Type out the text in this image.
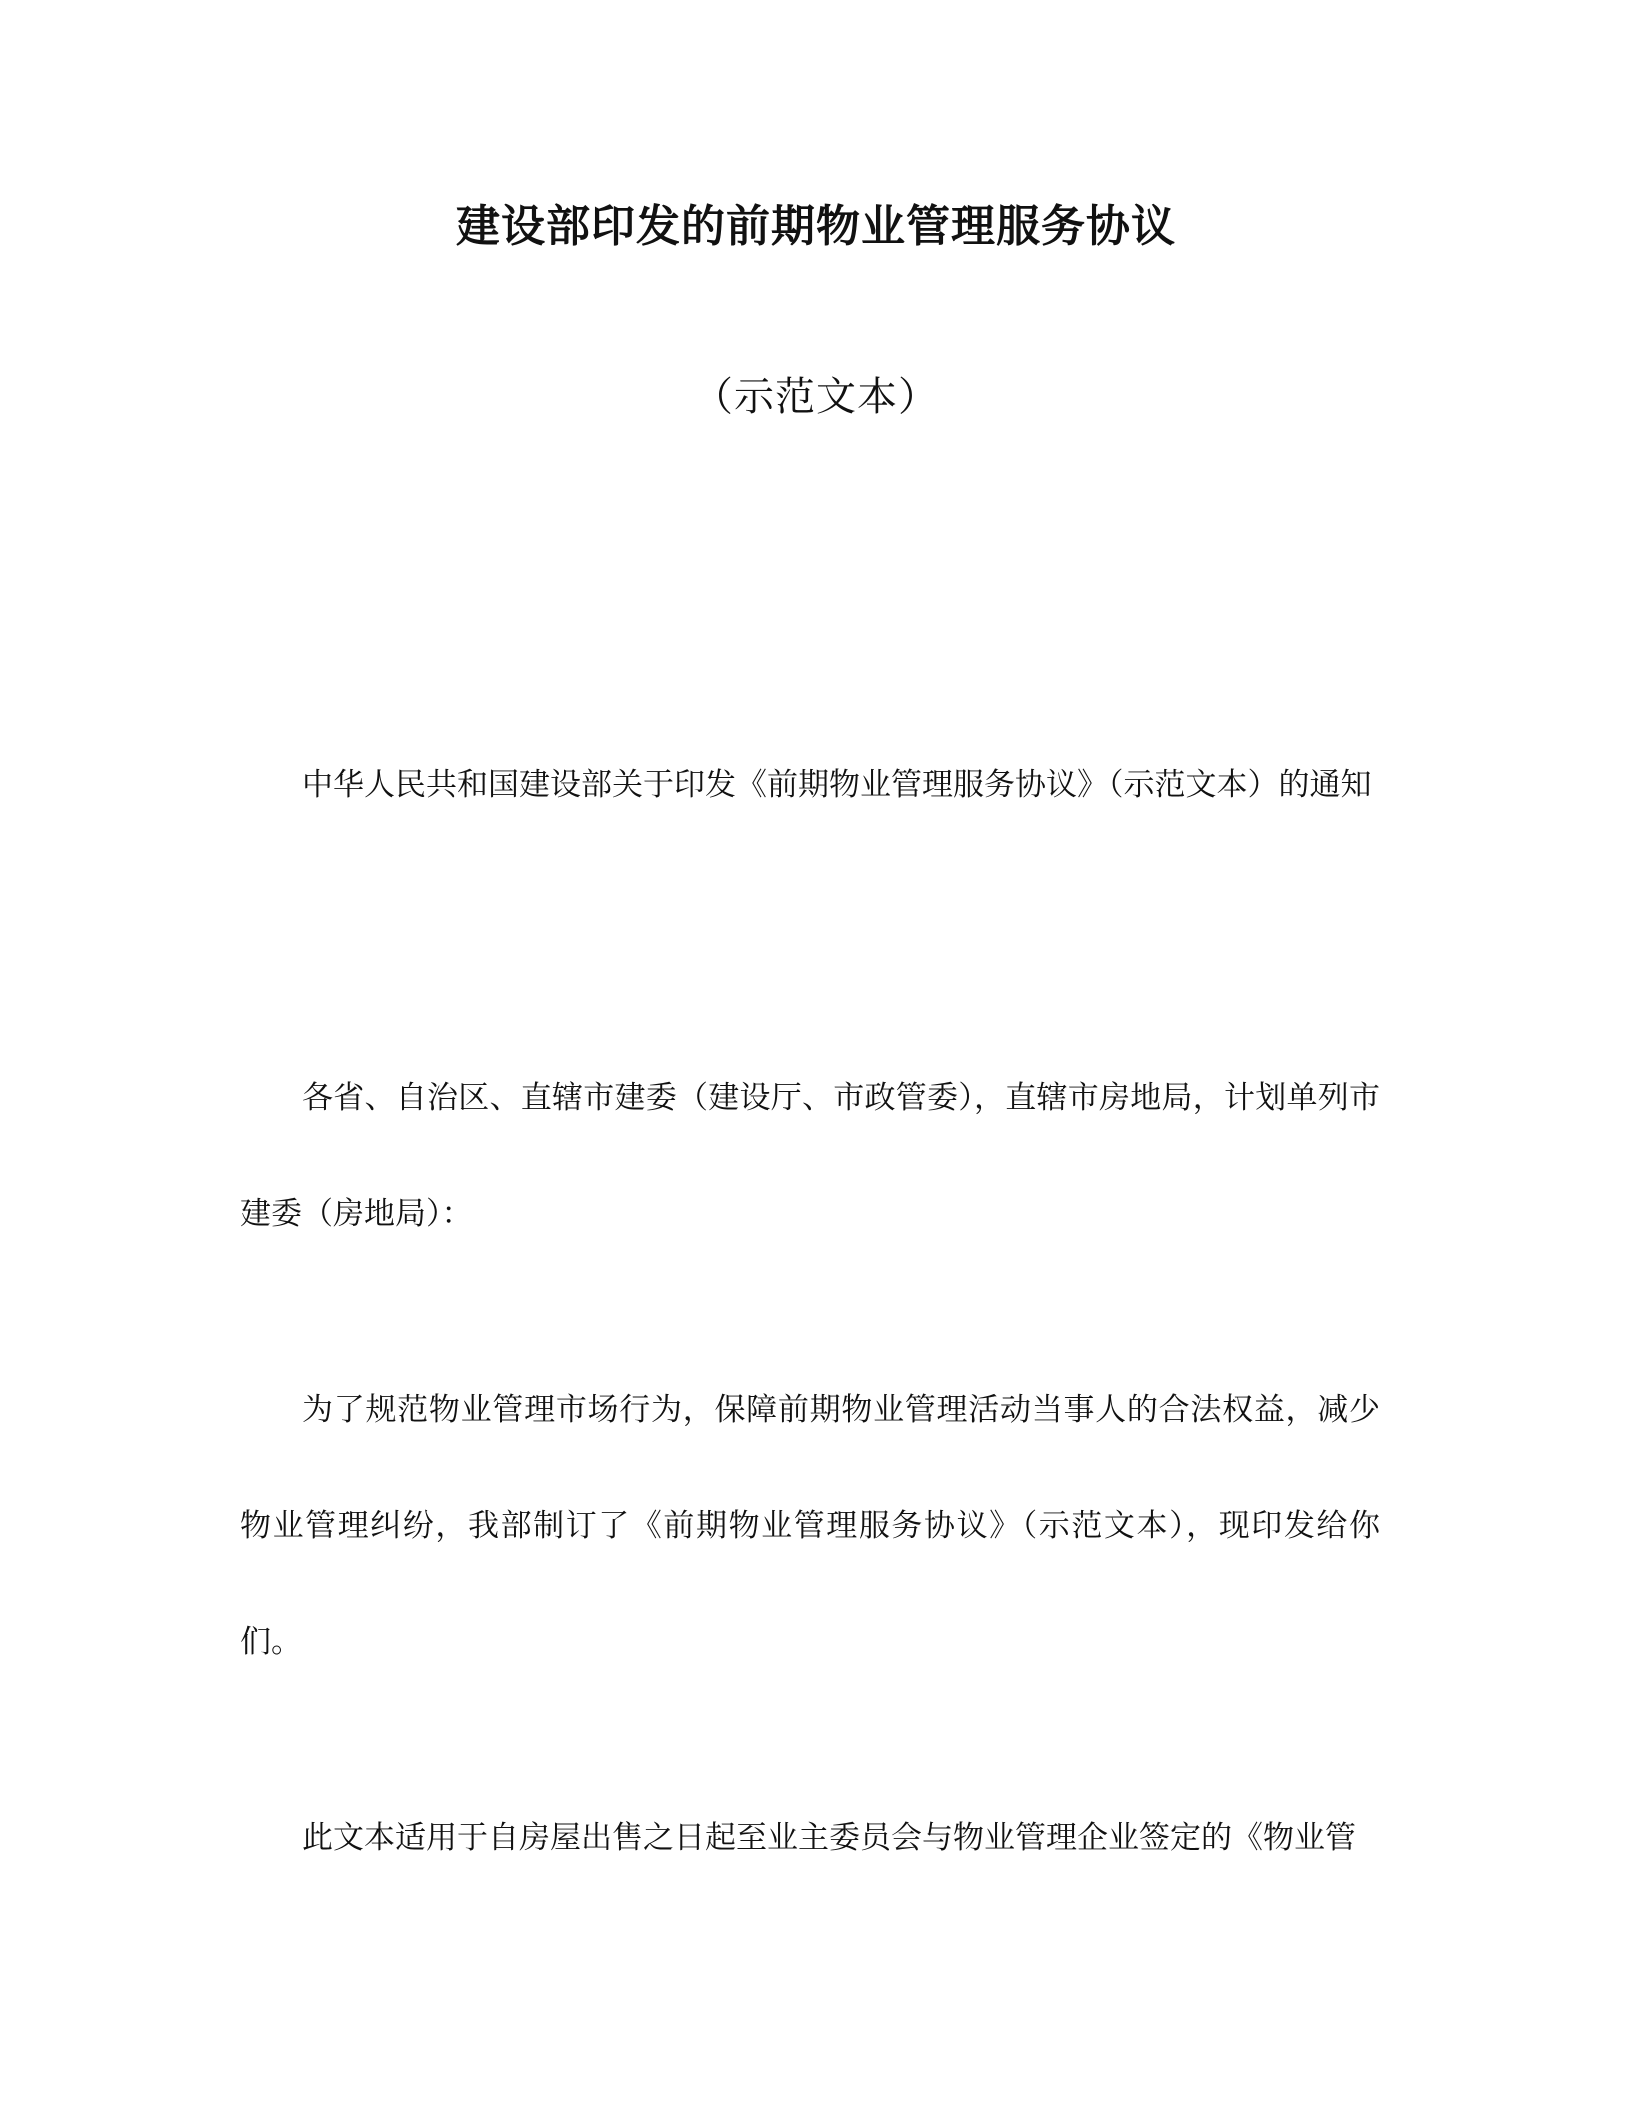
建设部印发的前期物业管理服务协议
（示范文本）

中华人民共和国建设部关于印发《前期物业管理服务协议》（示范文本）的通知

各省、自治区、直辖市建委（建设厅、市政管委），直辖市房地局，计划单列市建委（房地局）：

为了规范物业管理市场行为，保障前期物业管理活动当事人的合法权益，减少物业管理纠纷，我部制订了《前期物业管理服务协议》（示范文本），现印发给你们。

此文本适用于自房屋出售之日起至业主委员会与物业管理企业签定的《物业管
